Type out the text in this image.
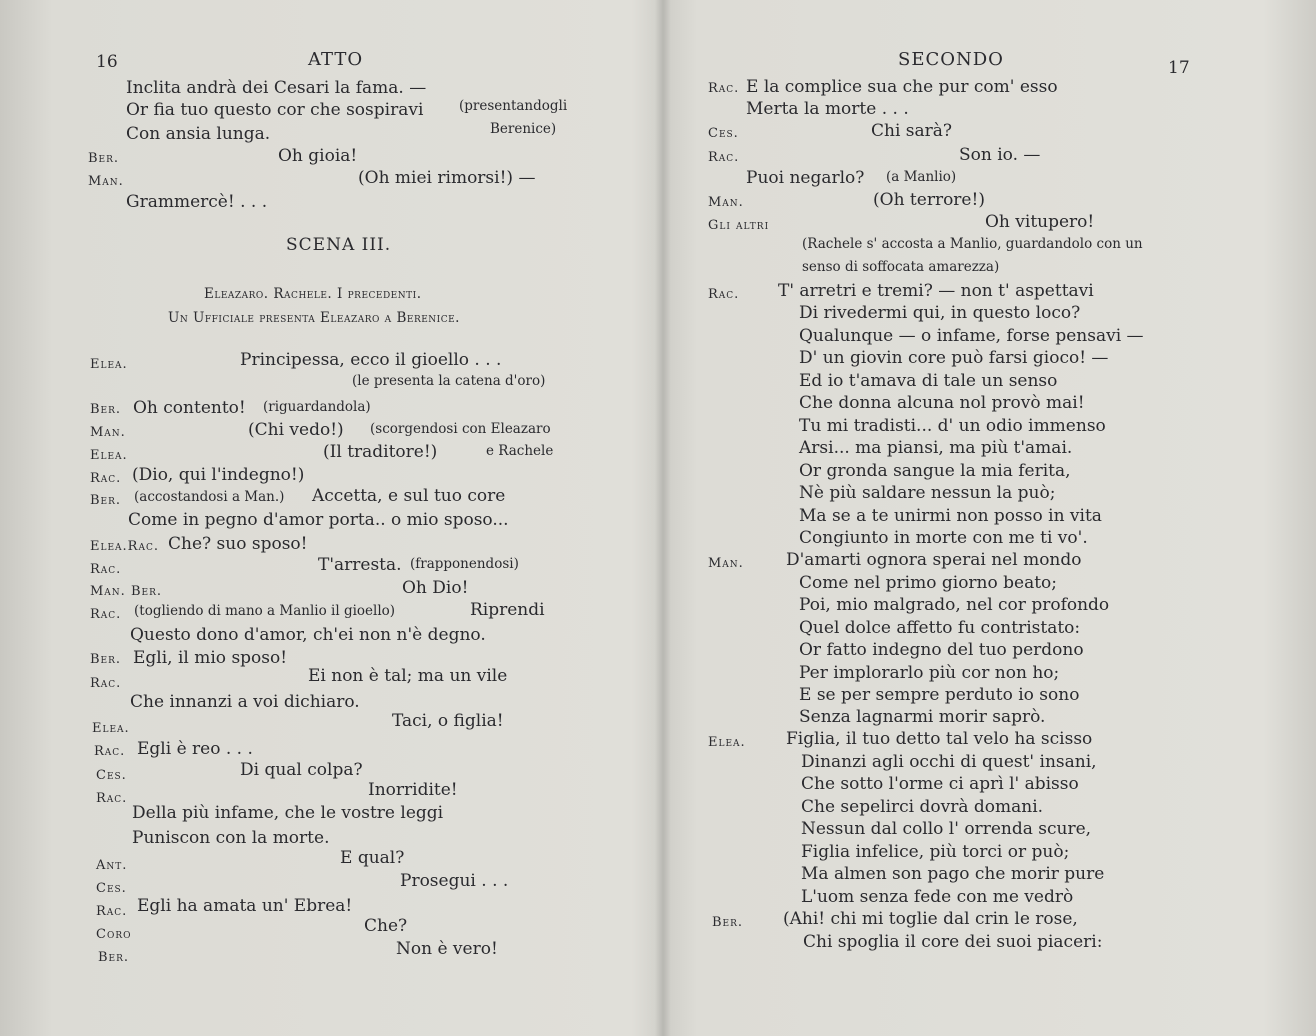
16	ATTO
Inclita andrà dei Cesari la fama. —
Or fia tuo questo cor che sospiravi	(presentandogli
Con ansia lunga.	Berenice)
Ber.	Oh gioia!
Man.	(Oh miei rimorsi!) —
Grammercè! . . .
SCENA III.
Eleazaro. Rachele. I precedenti.
Un Ufficiale presenta Eleazaro a Berenice.
Elea.	Principessa, ecco il gioello . . .
(le presenta la catena d'oro)
Ber. Oh contento! (riguardandola)
Man.	(Chi vedo!) (scorgendosi con Eleazaro
Elea.	(Il traditore!)	e Rachele
Rac. (Dio, qui l'indegno!)
Ber. (accostandosi a Man.) Accetta, e sul tuo core
Come in pegno d'amor porta.. o mio sposo...
Elea.Rac. Che? suo sposo!
Rac.	T'arresta. (frapponendosi)
Man. Ber.	Oh Dio!
Rac. (togliendo di mano a Manlio il gioello)	Riprendi
Questo dono d'amor, ch'ei non n'è degno.
Ber. Egli, il mio sposo!
Rac.	Ei non è tal; ma un vile
Che innanzi a voi dichiaro.
Elea.	Taci, o figlia!
Rac. Egli è reo . . .
Ces.	Di qual colpa?
Rac.	Inorridite!
Della più infame, che le vostre leggi
Puniscon con la morte.
Ant.	E qual?
Ces.	Prosegui . . .
Rac. Egli ha amata un' Ebrea!
Coro	Che?
Ber.	Non è vero!
SECONDO	17
Rac. E la complice sua che pur com' esso
Merta la morte . . .
Ces.	Chi sarà?
Rac.	Son io. —
Puoi negarlo? (a Manlio)
Man.	(Oh terrore!)
Gli altri	Oh vitupero!
(Rachele s' accosta a Manlio, guardandolo con un
senso di soffocata amarezza)
Rac. T' arretri e tremi? — non t' aspettavi
Di rivedermi qui, in questo loco?
Qualunque — o infame, forse pensavi —
D' un giovin core può farsi gioco! —
Ed io t'amava di tale un senso
Che donna alcuna nol provò mai!
Tu mi tradisti... d' un odio immenso
Arsi... ma piansi, ma più t'amai.
Or gronda sangue la mia ferita,
Nè più saldare nessun la può;
Ma se a te unirmi non posso in vita
Congiunto in morte con me ti vo'.
Man. D'amarti ognora sperai nel mondo
Come nel primo giorno beato;
Poi, mio malgrado, nel cor profondo
Quel dolce affetto fu contristato:
Or fatto indegno del tuo perdono
Per implorarlo più cor non ho;
E se per sempre perduto io sono
Senza lagnarmi morir saprò.
Elea. Figlia, il tuo detto tal velo ha scisso
Dinanzi agli occhi di quest' insani,
Che sotto l'orme ci aprì l' abisso
Che sepelirci dovrà domani.
Nessun dal collo l' orrenda scure,
Figlia infelice, più torci or può;
Ma almen son pago che morir pure
L'uom senza fede con me vedrò
Ber. (Ahi! chi mi toglie dal crin le rose,
Chi spoglia il core dei suoi piaceri:
